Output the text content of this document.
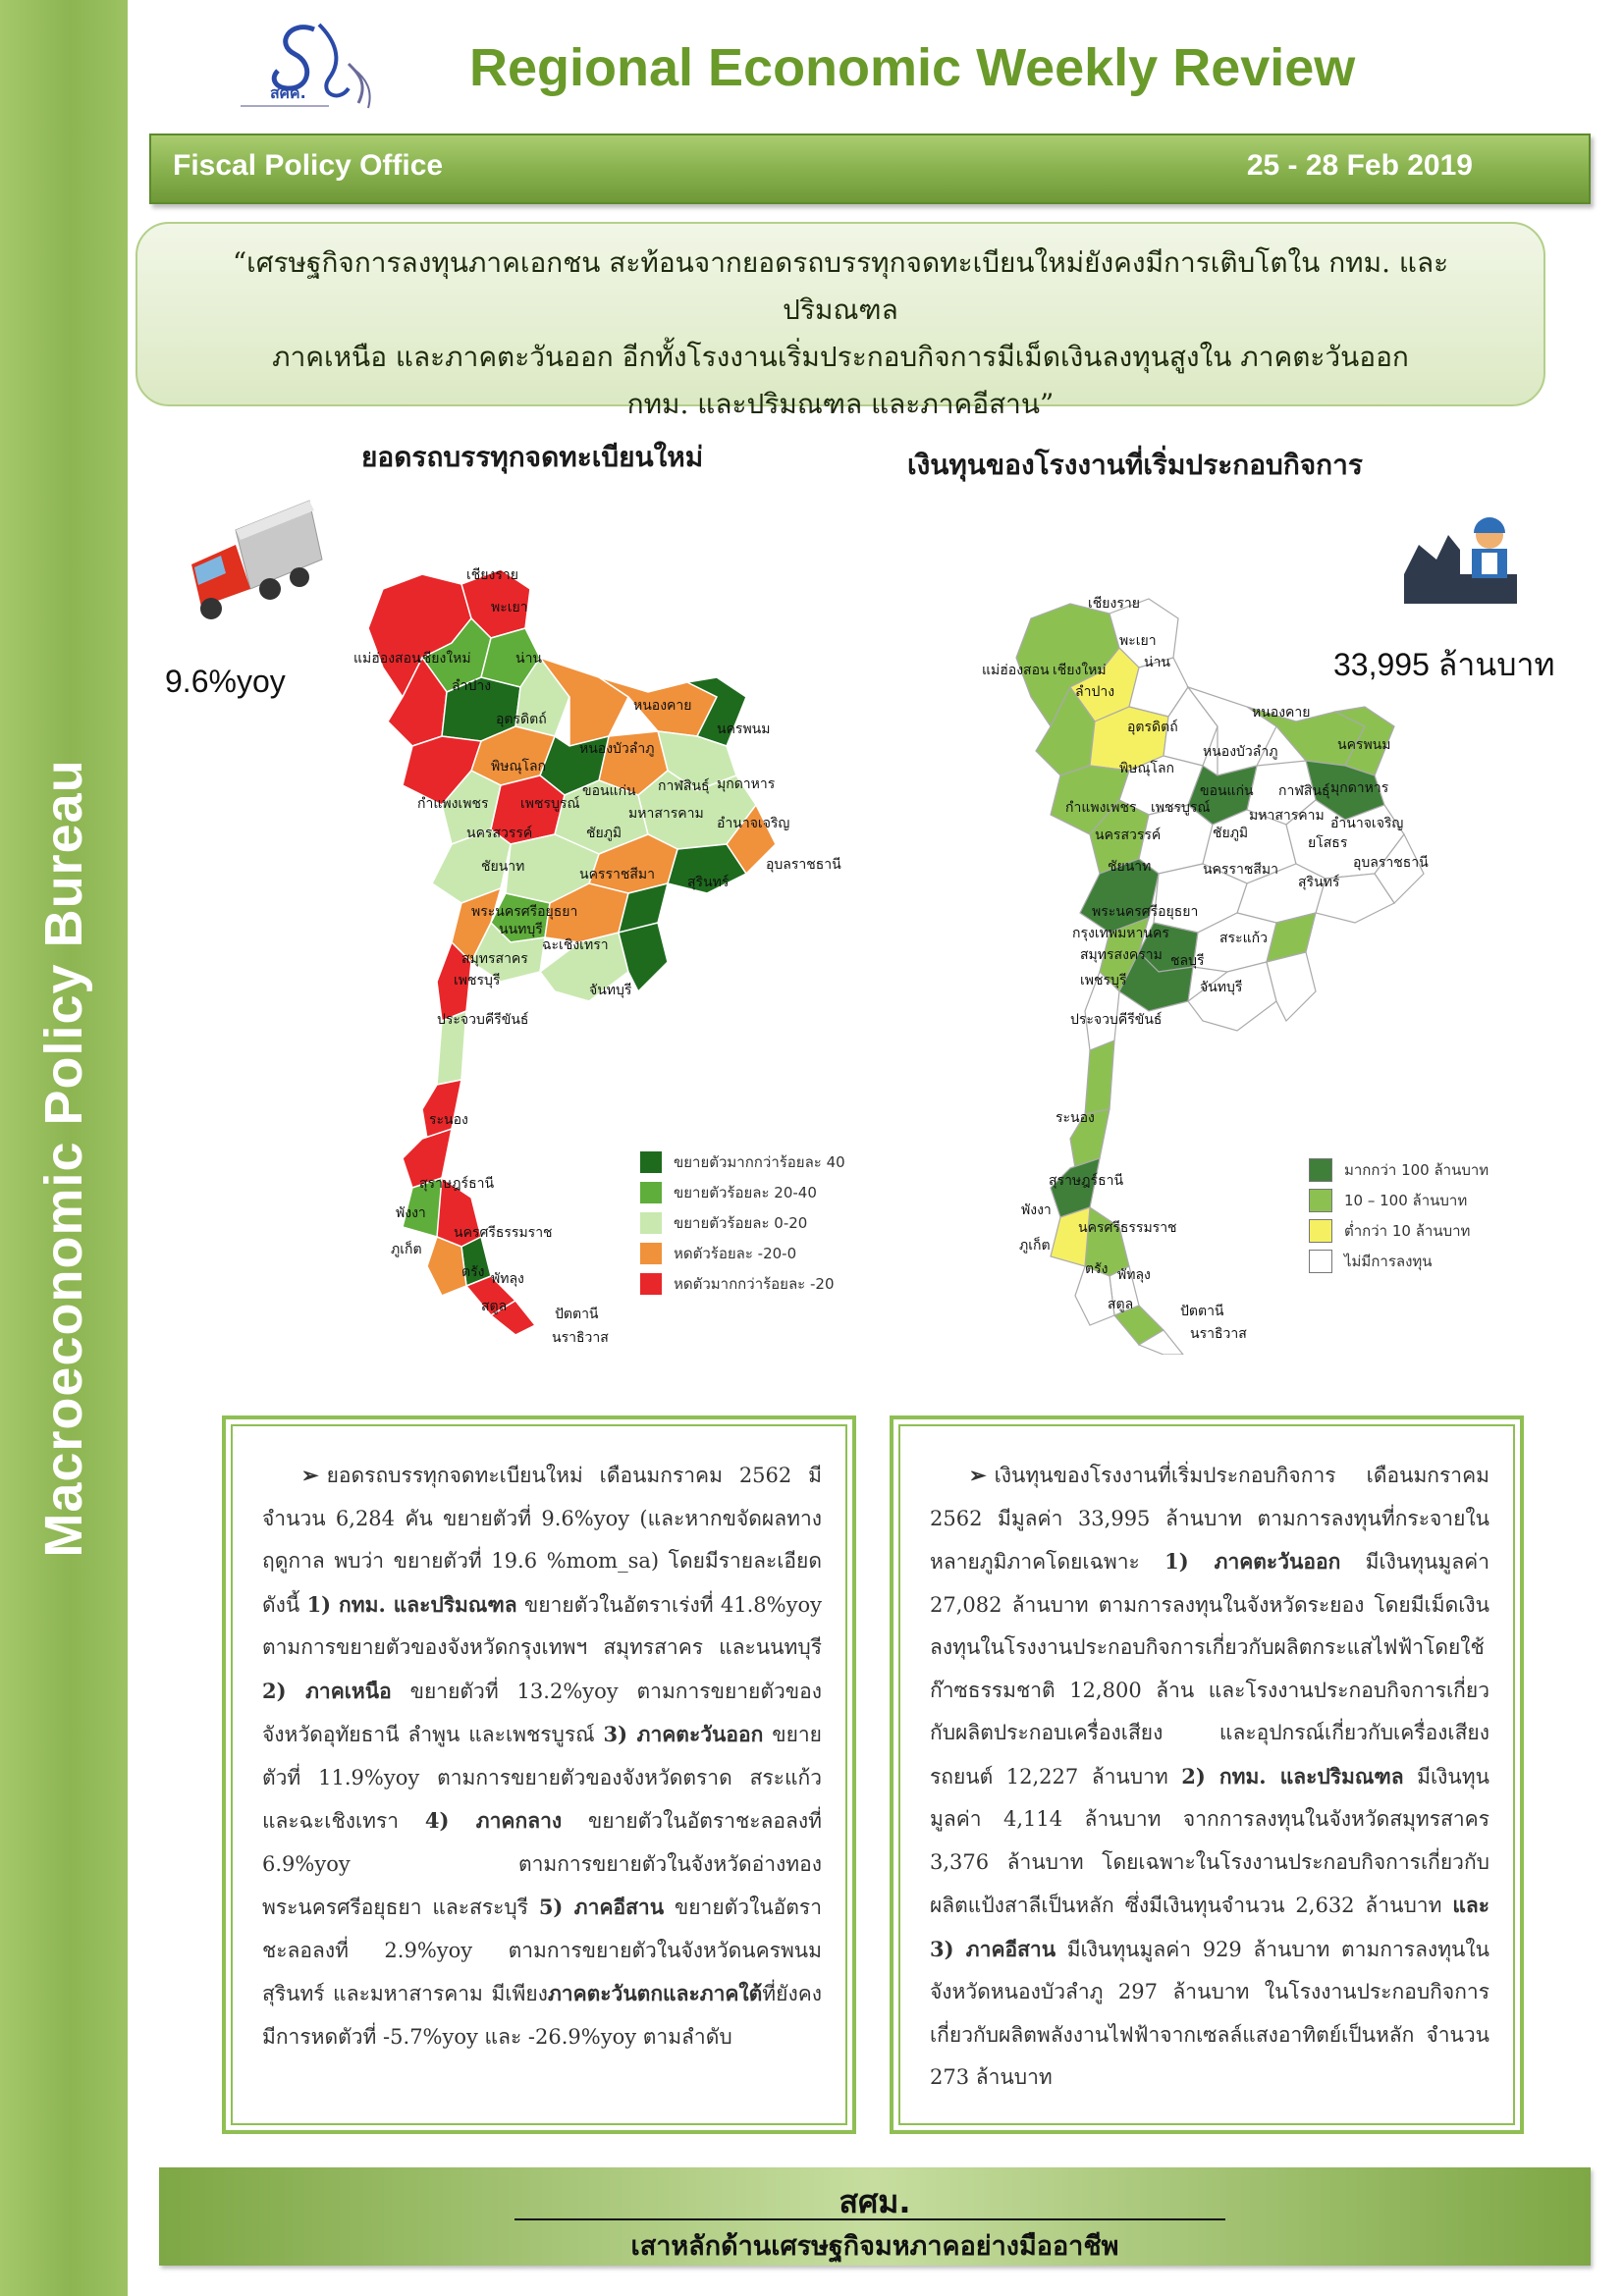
Macroeconomic Policy Bureau
สศค.	Regional Economic Weekly Review
Fiscal Policy Office	25 - 28 Feb 2019
“เศรษฐกิจการลงทุนภาคเอกชน สะท้อนจากยอดรถบรรทุกจดทะเบียนใหม่ยังคงมีการเติบโตใน กทม. และปริมณฑล
ภาคเหนือ และภาคตะวันออก อีกทั้งโรงงานเริ่มประกอบกิจการมีเม็ดเงินลงทุนสูงใน ภาคตะวันออก
กทม. และปริมณฑล และภาคอีสาน”
ยอดรถบรรทุกจดทะเบียนใหม่	เงินทุนของโรงงานที่เริ่มประกอบกิจการ
9.6%yoy	33,995 ล้านบาท
เชียงราย
พะเยา
น่าน
แม่ฮ่องสอน
เชียงใหม่
ลำปาง
อุตรดิตถ์
หนองคาย
หนองบัวลำภู
นครพนม
พิษณุโลก
กาฬสินธุ์ มุกดาหาร
กำแพงเพชร เพชรบูรณ์
ขอนแก่น
มหาสารคาม
อำนาจเจริญ
นครสวรรค์	ชัยภูมิ
อุบลราชธานี
ชัยนาท	นครราชสีมา สุรินทร์
พระนครศรีอยุธยา
นนทบุรี
สมุทรสาคร
ฉะเชิงเทรา
เพชรบุรี
จันทบุรี
ประจวบคีรีขันธ์
ระนอง
สุราษฎร์ธานี
พังงา
ภูเก็ต
นครศรีธรรมราช
ตรัง พัทลุง
สตูล	ปัตตานี
นราธิวาส
ขยายตัวมากกว่าร้อยละ 40
ขยายตัวร้อยละ 20-40
ขยายตัวร้อยละ 0-20
หดตัวร้อยละ -20-0
หดตัวมากกว่าร้อยละ -20
เชียงราย
พะเยา
น่าน
แม่ฮ่องสอน เชียงใหม่
ลำปาง
อุตรดิตถ์
หนองคาย
นครพนม
พิษณุโลก
หนองบัวลำภู
กาฬสินธุ์ มุกดาหาร
กำแพงเพชร เพชรบูรณ์
ขอนแก่น
มหาสารคาม อำนาจเจริญ
นครสวรรค์	ชัยภูมิ
ยโสธร
อุบลราชธานี
ชัยนาท	นครราชสีมา
สุรินทร์
พระนครศรีอยุธยา
กรุงเทพมหานคร	สระแก้ว
สมุทรสงคราม ชลบุรี
เพชรบุรี	จันทบุรี
ประจวบคีรีขันธ์
ระนอง
สุราษฎร์ธานี
พังงา
ภูเก็ต
นครศรีธรรมราช
ตรัง พัทลุง
สตูล	ปัตตานี
นราธิวาส
มากกว่า 100 ล้านบาท
10 – 100 ล้านบาท
ต่ำกว่า 10 ล้านบาท
ไม่มีการลงทุน

➢ ยอดรถบรรทุกจดทะเบียนใหม่ เดือนมกราคม 2562 มีจำนวน 6,284 คัน ขยายตัวที่ 9.6%yoy (และหากขจัดผลทางฤดูกาล พบว่า ขยายตัวที่ 19.6 %mom_sa) โดยมีรายละเอียดดังนี้ 1) กทม. และปริมณฑล ขยายตัวในอัตราเร่งที่ 41.8%yoy ตามการขยายตัวของจังหวัดกรุงเทพฯ สมุทรสาคร และนนทบุรี 2) ภาคเหนือ ขยายตัวที่ 13.2%yoy ตามการขยายตัวของจังหวัดอุทัยธานี ลำพูน และเพชรบูรณ์ 3) ภาคตะวันออก ขยายตัวที่ 11.9%yoy ตามการขยายตัวของจังหวัดตราด สระแก้ว และฉะเชิงเทรา 4) ภาคกลาง ขยายตัวในอัตราชะลอลงที่ 6.9%yoy ตามการขยายตัวในจังหวัดอ่างทอง พระนครศรีอยุธยา และสระบุรี 5) ภาคอีสาน ขยายตัวในอัตราชะลอลงที่ 2.9%yoy ตามการขยายตัวในจังหวัดนครพนม สุรินทร์ และมหาสารคาม มีเพียงภาคตะวันตกและภาคใต้ที่ยังคงมีการหดตัวที่ -5.7%yoy และ -26.9%yoy ตามลำดับ

➢ เงินทุนของโรงงานที่เริ่มประกอบกิจการ เดือนมกราคม 2562 มีมูลค่า 33,995 ล้านบาท ตามการลงทุนที่กระจายในหลายภูมิภาคโดยเฉพาะ 1) ภาคตะวันออก มีเงินทุนมูลค่า 27,082 ล้านบาท ตามการลงทุนในจังหวัดระยอง โดยมีเม็ดเงินลงทุนในโรงงานประกอบกิจการเกี่ยวกับผลิตกระแสไฟฟ้าโดยใช้ก๊าซธรรมชาติ 12,800 ล้าน และโรงงานประกอบกิจการเกี่ยวกับผลิตประกอบเครื่องเสียง และอุปกรณ์เกี่ยวกับเครื่องเสียงรถยนต์ 12,227 ล้านบาท 2) กทม. และปริมณฑล มีเงินทุนมูลค่า 4,114 ล้านบาท จากการลงทุนในจังหวัดสมุทรสาคร 3,376 ล้านบาท โดยเฉพาะในโรงงานประกอบกิจการเกี่ยวกับผลิตแป้งสาลีเป็นหลัก ซึ่งมีเงินทุนจำนวน 2,632 ล้านบาท และ 3) ภาคอีสาน มีเงินทุนมูลค่า 929 ล้านบาท ตามการลงทุนในจังหวัดหนองบัวลำภู 297 ล้านบาท ในโรงงานประกอบกิจการเกี่ยวกับผลิตพลังงานไฟฟ้าจากเซลล์แสงอาทิตย์เป็นหลัก จำนวน 273 ล้านบาท

สศม.
เสาหลักด้านเศรษฐกิจมหภาคอย่างมืออาชีพ
